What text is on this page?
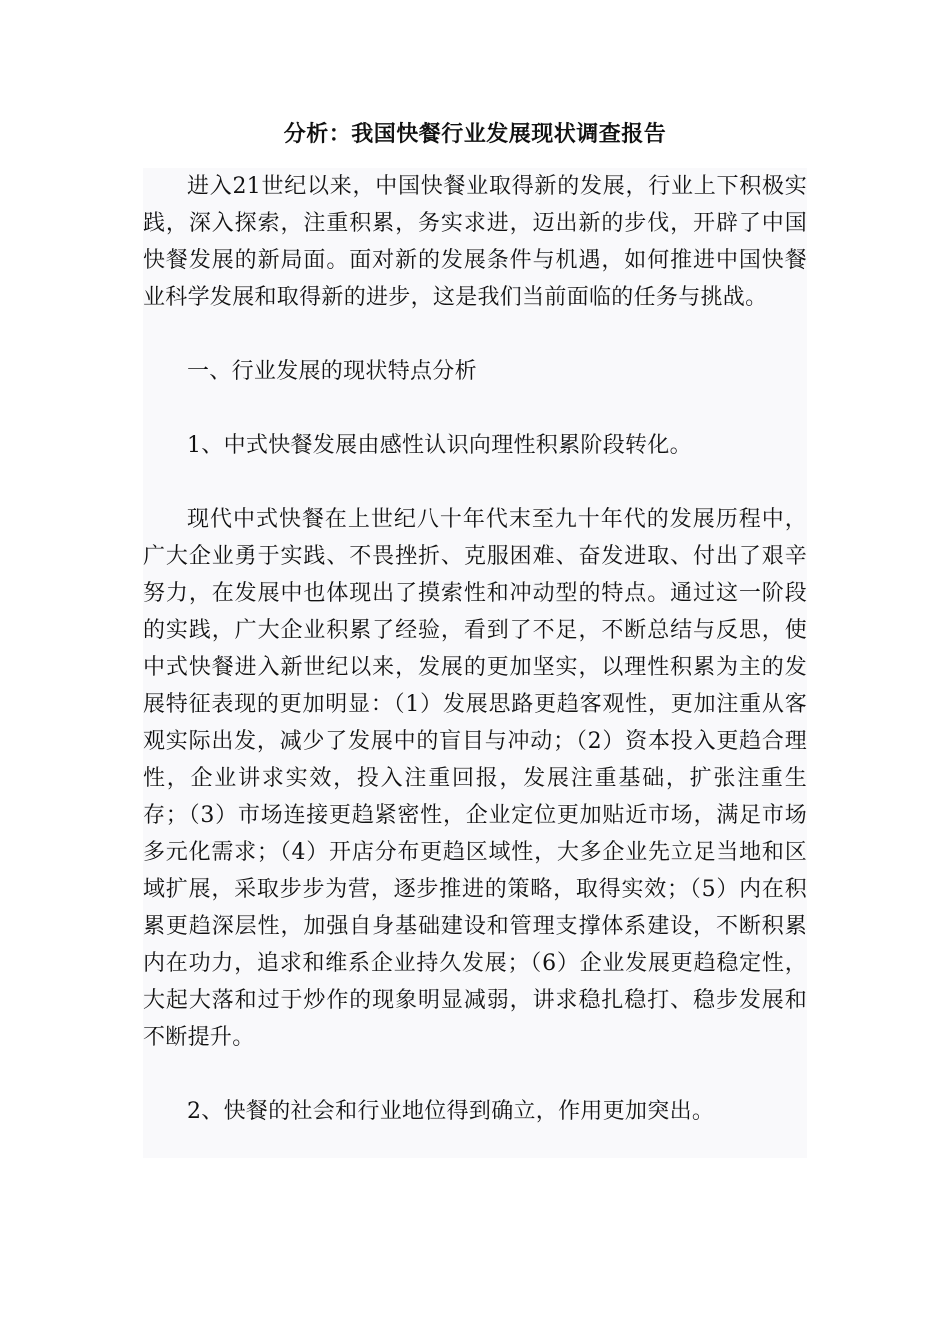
分析：我国快餐行业发展现状调查报告

进入21世纪以来，中国快餐业取得新的发展，行业上下积极实践，深入探索，注重积累，务实求进，迈出新的步伐，开辟了中国快餐发展的新局面。面对新的发展条件与机遇，如何推进中国快餐业科学发展和取得新的进步，这是我们当前面临的任务与挑战。

一、行业发展的现状特点分析

1、中式快餐发展由感性认识向理性积累阶段转化。

现代中式快餐在上世纪八十年代末至九十年代的发展历程中，广大企业勇于实践、不畏挫折、克服困难、奋发进取、付出了艰辛努力，在发展中也体现出了摸索性和冲动型的特点。通过这一阶段的实践，广大企业积累了经验，看到了不足，不断总结与反思，使中式快餐进入新世纪以来，发展的更加坚实，以理性积累为主的发展特征表现的更加明显：（1）发展思路更趋客观性，更加注重从客观实际出发，减少了发展中的盲目与冲动；（2）资本投入更趋合理性，企业讲求实效，投入注重回报，发展注重基础，扩张注重生存；（3）市场连接更趋紧密性，企业定位更加贴近市场，满足市场多元化需求；（4）开店分布更趋区域性，大多企业先立足当地和区域扩展，采取步步为营，逐步推进的策略，取得实效；（5）内在积累更趋深层性，加强自身基础建设和管理支撑体系建设，不断积累内在功力，追求和维系企业持久发展；（6）企业发展更趋稳定性，大起大落和过于炒作的现象明显减弱，讲求稳扎稳打、稳步发展和不断提升。

2、快餐的社会和行业地位得到确立，作用更加突出。
